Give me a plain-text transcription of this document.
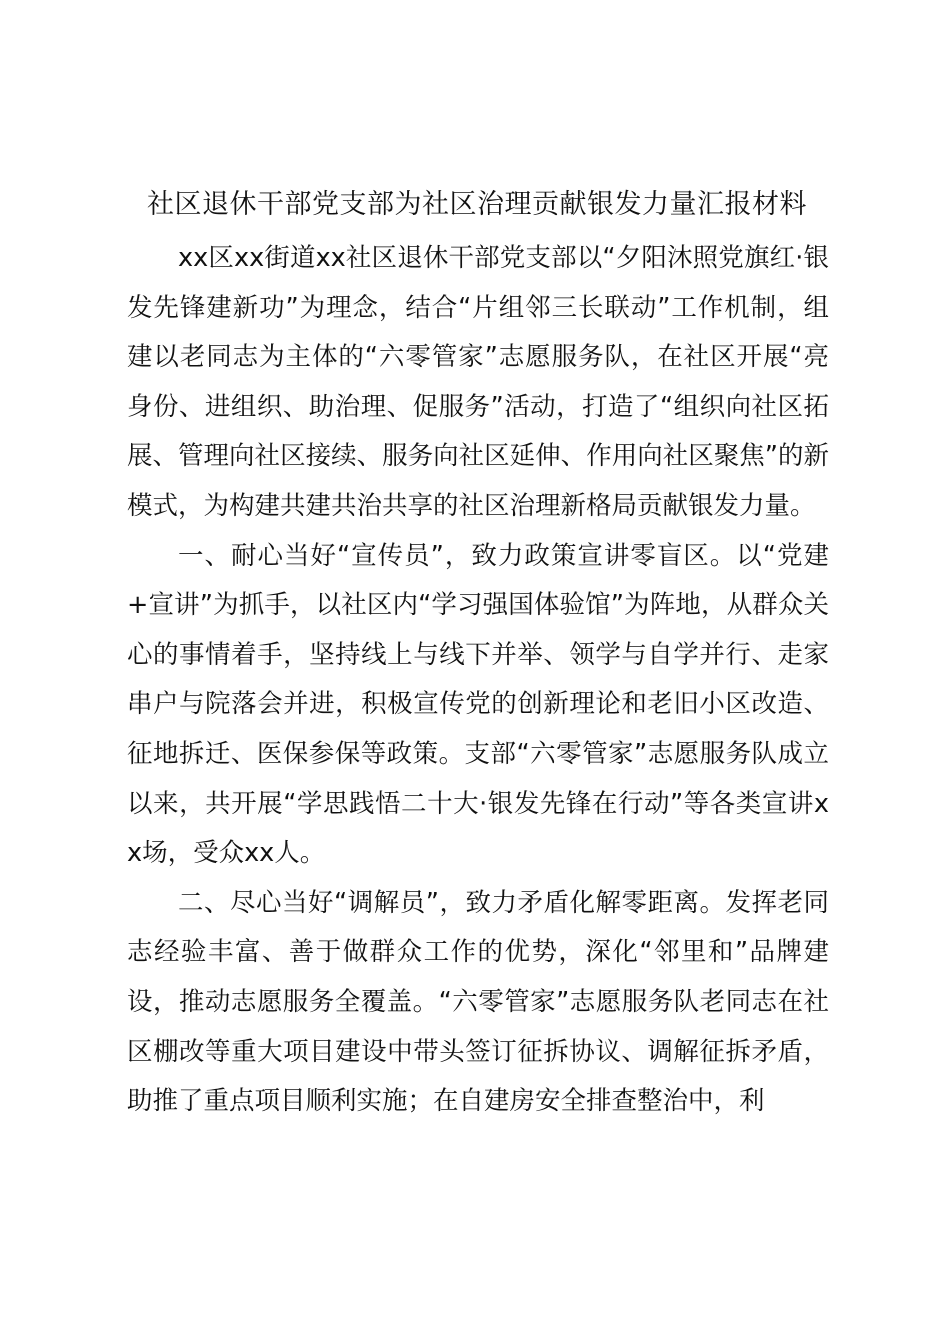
社区退休干部党支部为社区治理贡献银发力量汇报材料

xx区xx街道xx社区退休干部党支部以“夕阳沐照党旗红·银发先锋建新功”为理念，结合“片组邻三长联动”工作机制，组建以老同志为主体的“六零管家”志愿服务队，在社区开展“亮身份、进组织、助治理、促服务”活动，打造了“组织向社区拓展、管理向社区接续、服务向社区延伸、作用向社区聚焦”的新模式，为构建共建共治共享的社区治理新格局贡献银发力量。

一、耐心当好“宣传员”，致力政策宣讲零盲区。以“党建+宣讲”为抓手，以社区内“学习强国体验馆”为阵地，从群众关心的事情着手，坚持线上与线下并举、领学与自学并行、走家串户与院落会并进，积极宣传党的创新理论和老旧小区改造、征地拆迁、医保参保等政策。支部“六零管家”志愿服务队成立以来，共开展“学思践悟二十大·银发先锋在行动”等各类宣讲xx场，受众xx人。

二、尽心当好“调解员”，致力矛盾化解零距离。发挥老同志经验丰富、善于做群众工作的优势，深化“邻里和”品牌建设，推动志愿服务全覆盖。“六零管家”志愿服务队老同志在社区棚改等重大项目建设中带头签订征拆协议、调解征拆矛盾，助推了重点项目顺利实施；在自建房安全排查整治中，利
